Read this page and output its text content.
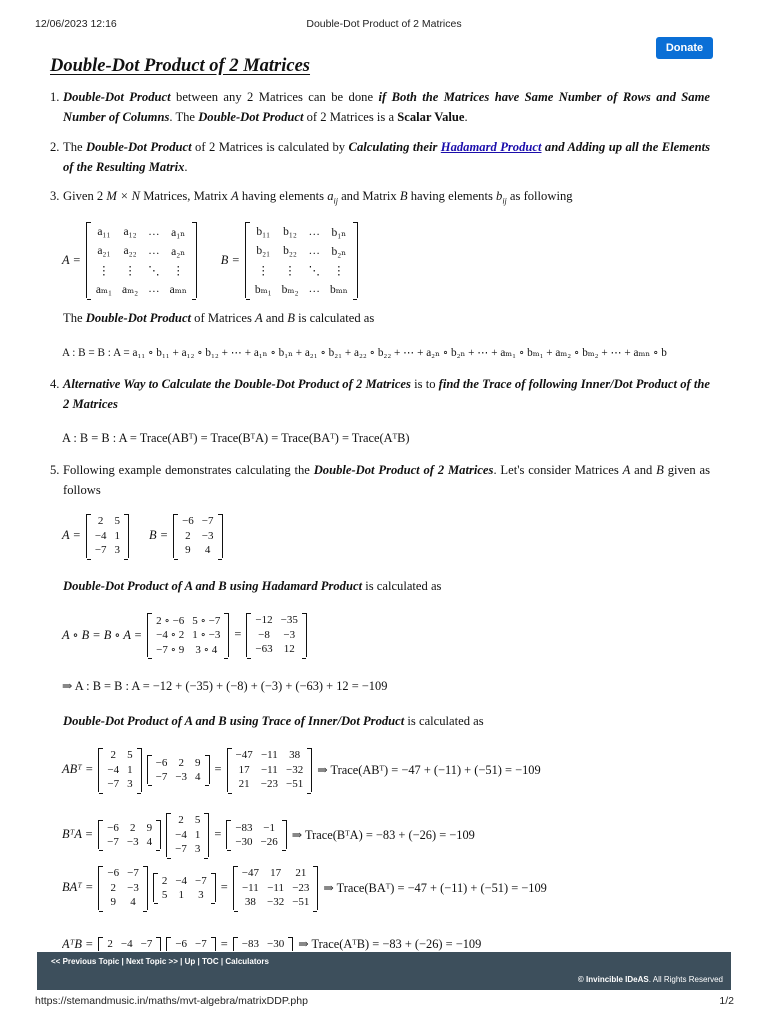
12/06/2023 12:16	Double-Dot Product of 2 Matrices
Donate
Double-Dot Product of 2 Matrices
1. Double-Dot Product between any 2 Matrices can be done if Both the Matrices have Same Number of Rows and Same Number of Columns. The Double-Dot Product of 2 Matrices is a Scalar Value.
2. The Double-Dot Product of 2 Matrices is calculated by Calculating their Hadamard Product and Adding up all the Elements of the Resulting Matrix.
3. Given 2 M × N Matrices, Matrix A having elements $a_{ij}$ and Matrix B having elements $b_{ij}$ as following
A =
a₁₁	a₁₂	…	a₁ₙ
a₂₁	a₂₂	…	a₂ₙ
⋮	⋮	⋱	⋮
aₘ₁	aₘ₂	…	aₘₙ
B =
b₁₁	b₁₂	…	b₁ₙ
b₂₁	b₂₂	…	b₂ₙ
⋮	⋮	⋱	⋮
bₘ₁	bₘ₂	…	bₘₙ
The Double-Dot Product of Matrices A and B is calculated as
A : B = B : A = a₁₁ ∘ b₁₁ + a₁₂ ∘ b₁₂ + ⋯ + a₁ₙ ∘ b₁ₙ + a₂₁ ∘ b₂₁ + a₂₂ ∘ b₂₂ + ⋯ + a₂ₙ ∘ b₂ₙ + ⋯ + aₘ₁ ∘ bₘ₁ + aₘ₂ ∘ bₘ₂ + ⋯ + aₘₙ ∘ b
4. Alternative Way to Calculate the Double-Dot Product of 2 Matrices is to find the Trace of following Inner/Dot Product of the 2 Matrices
A : B = B : A = Trace(ABᵀ) = Trace(BᵀA) = Trace(BAᵀ) = Trace(AᵀB)
5. Following example demonstrates calculating the Double-Dot Product of 2 Matrices. Let's consider Matrices A and B given as follows
A =
2	5
−4	1
−7	3
B =
−6	−7
2	−3
9	4
Double-Dot Product of A and B using Hadamard Product is calculated as
A ∘ B = B ∘ A =
2 ∘ −6	5 ∘ −7
−4 ∘ 2	1 ∘ −3
−7 ∘ 9	3 ∘ 4
=
−12	−35
−8	−3
−63	12
⇒ A : B = B : A = −12 + (−35) + (−8) + (−3) + (−63) + 12 = −109
Double-Dot Product of A and B using Trace of Inner/Dot Product is calculated as
ABᵀ =
2	5
−4	1
−7	3
−6	2	9
−7	−3	4
=
−47	−11	38
17	−11	−32
21	−23	−51
⇒ Trace(ABᵀ) = −47 + (−11) + (−51) = −109
BᵀA = −6	2	9
−7	−3	4
2	5
−4	1
−7	3
= −83	−1
−30	−26
⇒ Trace(BᵀA) = −83 + (−26) = −109
BAᵀ =
−6	−7
2	−3
9	4
2	−4	−7
5	1	3
=
−47	17	21
−11	−11	−23
38	−32	−51
⇒ Trace(BAᵀ) = −47 + (−11) + (−51) = −109
AᵀB = 2	−4	−7 −6	−7 = −83	−30 ⇒ Trace(AᵀB) = −83 + (−26) = −109
<< Previous Topic | Next Topic >> | Up | TOC | Calculators
© Invincible IDeAS. All Rights Reserved
https://stemandmusic.in/maths/mvt-algebra/matrixDDP.php	1/2
